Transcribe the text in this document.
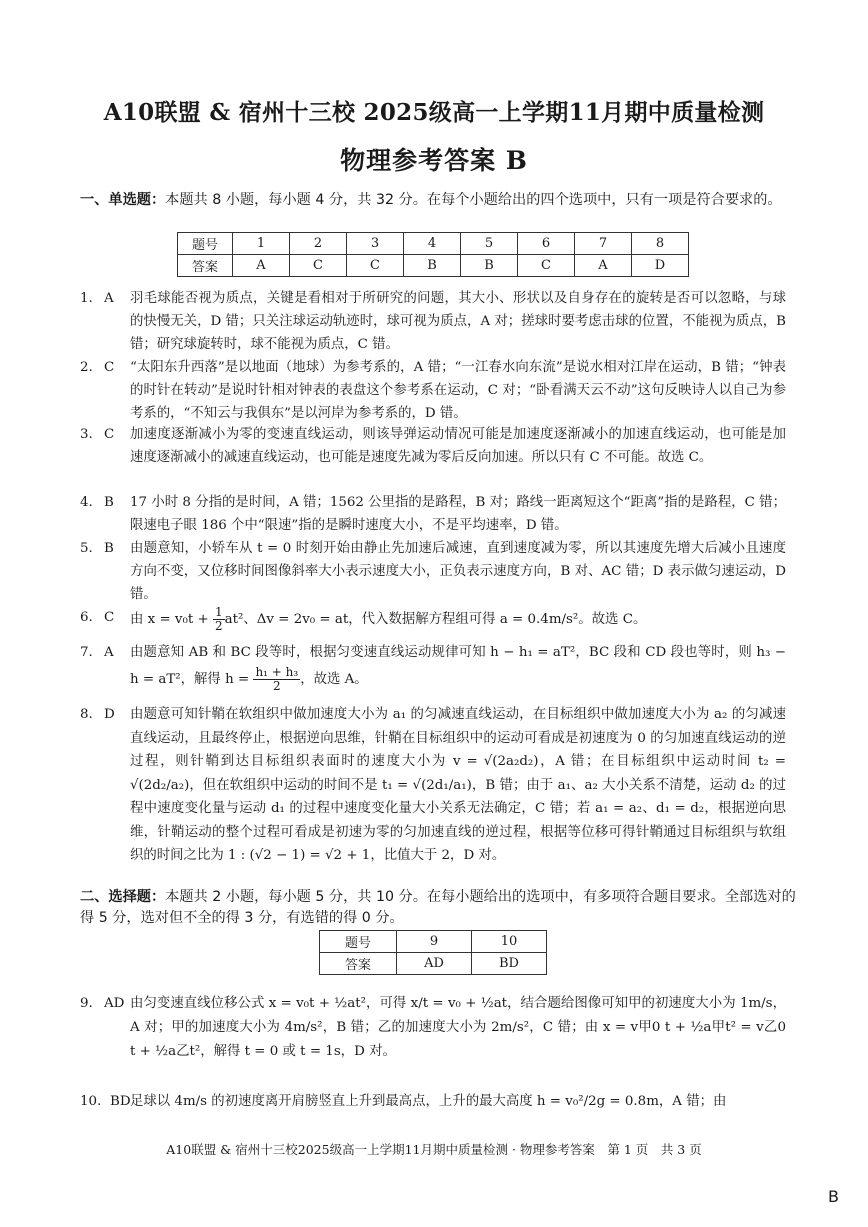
A10联盟 & 宿州十三校 2025级高一上学期11月期中质量检测
物理参考答案 B
一、单选题：本题共 8 小题，每小题 4 分，共 32 分。在每个小题给出的四个选项中，只有一项是符合要求的。
题号	1	2	3	4	5	6	7	8
答案	A	C	C	B	B	C	A	D
1. A	羽毛球能否视为质点，关键是看相对于所研究的问题，其大小、形状以及自身存在的旋转是否可以忽略，与球的快慢无关，D 错；只关注球运动轨迹时，球可视为质点，A 对；搓球时要考虑击球的位置，不能视为质点，B 错；研究球旋转时，球不能视为质点，C 错。
2. C	“太阳东升西落”是以地面（地球）为参考系的，A 错；“一江春水向东流”是说水相对江岸在运动，B 错；“钟表的时针在转动”是说时针相对钟表的表盘这个参考系在运动，C 对；“卧看满天云不动”这句反映诗人以自己为参考系的，“不知云与我俱东”是以河岸为参考系的，D 错。
3. C	加速度逐渐减小为零的变速直线运动，则该导弹运动情况可能是加速度逐渐减小的加速直线运动，也可能是加速度逐渐减小的减速直线运动，也可能是速度先减为零后反向加速。所以只有 C 不可能。故选 C。
4. B	17 小时 8 分指的是时间，A 错；1562 公里指的是路程，B 对；路线一距离短这个“距离”指的是路程，C 错；限速电子眼 186 个中“限速”指的是瞬时速度大小，不是平均速率，D 错。
5. B	由题意知，小轿车从 t = 0 时刻开始由静止先加速后减速，直到速度减为零，所以其速度先增大后减小且速度方向不变，又位移时间图像斜率大小表示速度大小，正负表示速度方向，B 对、AC 错；D 表示做匀速运动，D 错。
6. C	由 $x = v_0t + \frac{1}{2} at^2$、Δv = 2v₀ = at，代入数据解方程组可得 a = 0.4m/s²。故选 C。
7. A	由题意知 AB 和 BC 段等时，根据匀变速直线运动规律可知 h − h₁ = aT²，BC 段和 CD 段也等时，则 h₃ − h = aT²，解得 $h = \frac{\text{h₁ + h₃}}{2}$ ，故选 A。
8. D	由题意可知针鞘在软组织中做加速度大小为 a₁ 的匀减速直线运动，在目标组织中做加速度大小为 a₂ 的匀减速直线运动，且最终停止，根据逆向思维，针鞘在目标组织中的运动可看成是初速度为 0 的匀加速直线运动的逆过程，则针鞘到达目标组织表面时的速度大小为 v = √(2a₂d₂)，A 错；在目标组织中运动时间 t₂ = √(2d₂/a₂)，但在软组织中运动的时间不是 t₁ = √(2d₁/a₁)，B 错；由于 a₁、a₂ 大小关系不清楚，运动 d₂ 的过程中速度变化量与运动 d₁ 的过程中速度变化量大小关系无法确定，C 错；若 a₁ = a₂、d₁ = d₂，根据逆向思维，针鞘运动的整个过程可看成是初速为零的匀加速直线的逆过程，根据等位移可得针鞘通过目标组织与软组织的时间之比为 1 : (√2 − 1) = √2 + 1，比值大于 2，D 对。
二、选择题：本题共 2 小题，每小题 5 分，共 10 分。在每小题给出的选项中，有多项符合题目要求。全部选对的得 5 分，选对但不全的得 3 分，有选错的得 0 分。
题号	9	10
答案	AD	BD
9. AD 由匀变速直线位移公式 x = v₀t + ½at²，可得 x/t = v₀ + ½at，结合题给图像可知甲的初速度大小为 1m/s，A 对；甲的加速度大小为 4m/s²，B 错；乙的加速度大小为 2m/s²，C 错；由 x = v甲0 t + ½a甲t² = v乙0 t + ½a乙t²，解得 t = 0 或 t = 1s，D 对。
10. BD 足球以 4m/s 的初速度离开肩膀竖直上升到最高点，上升的最大高度 h = v₀²/2g = 0.8m，A 错；由
A10联盟 & 宿州十三校2025级高一上学期11月期中质量检测 · 物理参考答案　第 1 页　共 3 页
B
